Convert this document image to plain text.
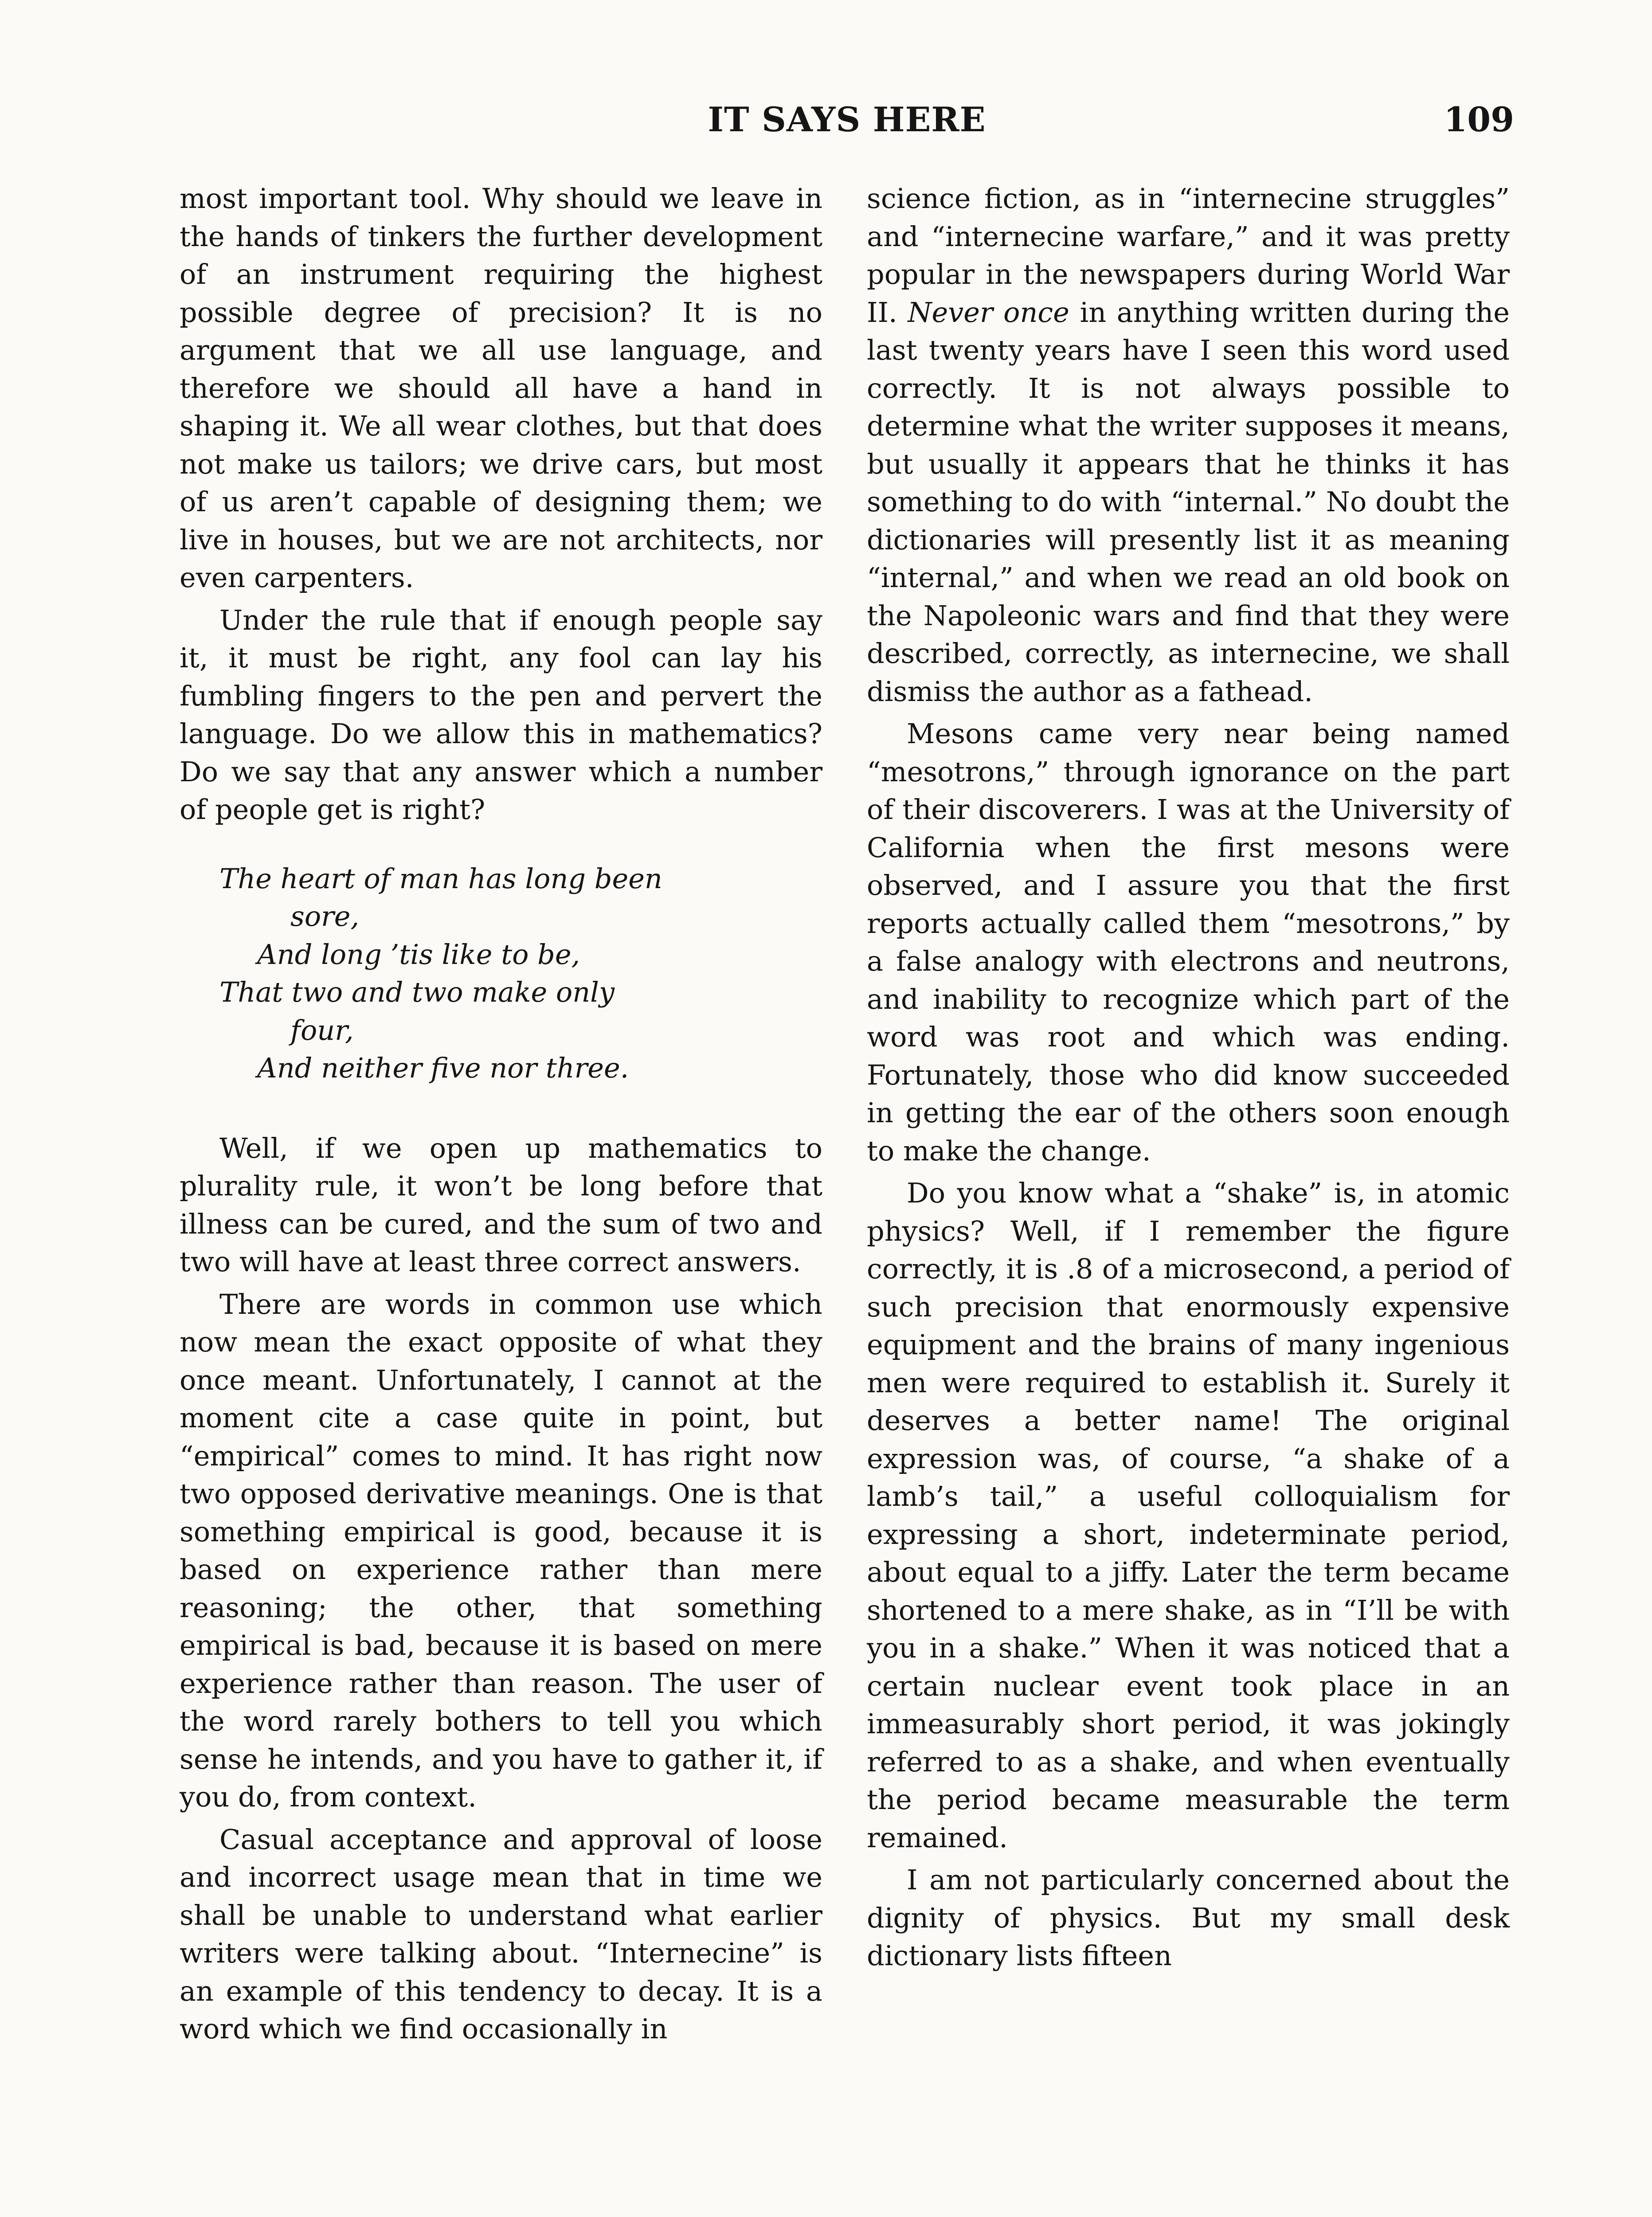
IT SAYS HERE	109

most important tool. Why should we leave in the hands of tinkers the further development of an instrument requiring the highest possible degree of precision? It is no argument that we all use language, and therefore we should all have a hand in shaping it. We all wear clothes, but that does not make us tailors; we drive cars, but most of us aren’t capable of designing them; we live in houses, but we are not architects, nor even carpenters.

Under the rule that if enough people say it, it must be right, any fool can lay his fumbling fingers to the pen and pervert the language. Do we allow this in mathematics? Do we say that any answer which a number of people get is right?

The heart of man has long been
sore,
And long ’tis like to be,
That two and two make only
four,
And neither five nor three.

Well, if we open up mathematics to plurality rule, it won’t be long before that illness can be cured, and the sum of two and two will have at least three correct answers.

There are words in common use which now mean the exact opposite of what they once meant. Unfortunately, I cannot at the moment cite a case quite in point, but “empirical” comes to mind. It has right now two opposed derivative meanings. One is that something empirical is good, because it is based on experience rather than mere reasoning; the other, that something empirical is bad, because it is based on mere experience rather than reason. The user of the word rarely bothers to tell you which sense he intends, and you have to gather it, if you do, from context.

Casual acceptance and approval of loose and incorrect usage mean that in time we shall be unable to understand what earlier writers were talking about. “Internecine” is an example of this tendency to decay. It is a word which we find occasionally in

science fiction, as in “internecine struggles” and “internecine warfare,” and it was pretty popular in the newspapers during World War II. Never once in anything written during the last twenty years have I seen this word used correctly. It is not always possible to determine what the writer supposes it means, but usually it appears that he thinks it has something to do with “internal.” No doubt the dictionaries will presently list it as meaning “internal,” and when we read an old book on the Napoleonic wars and find that they were described, correctly, as internecine, we shall dismiss the author as a fathead.

Mesons came very near being named “mesotrons,” through ignorance on the part of their discoverers. I was at the University of California when the first mesons were observed, and I assure you that the first reports actually called them “mesotrons,” by a false analogy with electrons and neutrons, and inability to recognize which part of the word was root and which was ending. Fortunately, those who did know succeeded in getting the ear of the others soon enough to make the change.

Do you know what a “shake” is, in atomic physics? Well, if I remember the figure correctly, it is .8 of a microsecond, a period of such precision that enormously expensive equipment and the brains of many ingenious men were required to establish it. Surely it deserves a better name! The original expression was, of course, “a shake of a lamb’s tail,” a useful colloquialism for expressing a short, indeterminate period, about equal to a jiffy. Later the term became shortened to a mere shake, as in “I’ll be with you in a shake.” When it was noticed that a certain nuclear event took place in an immeasurably short period, it was jokingly referred to as a shake, and when eventually the period became measurable the term remained.

I am not particularly concerned about the dignity of physics. But my small desk dictionary lists fifteen
